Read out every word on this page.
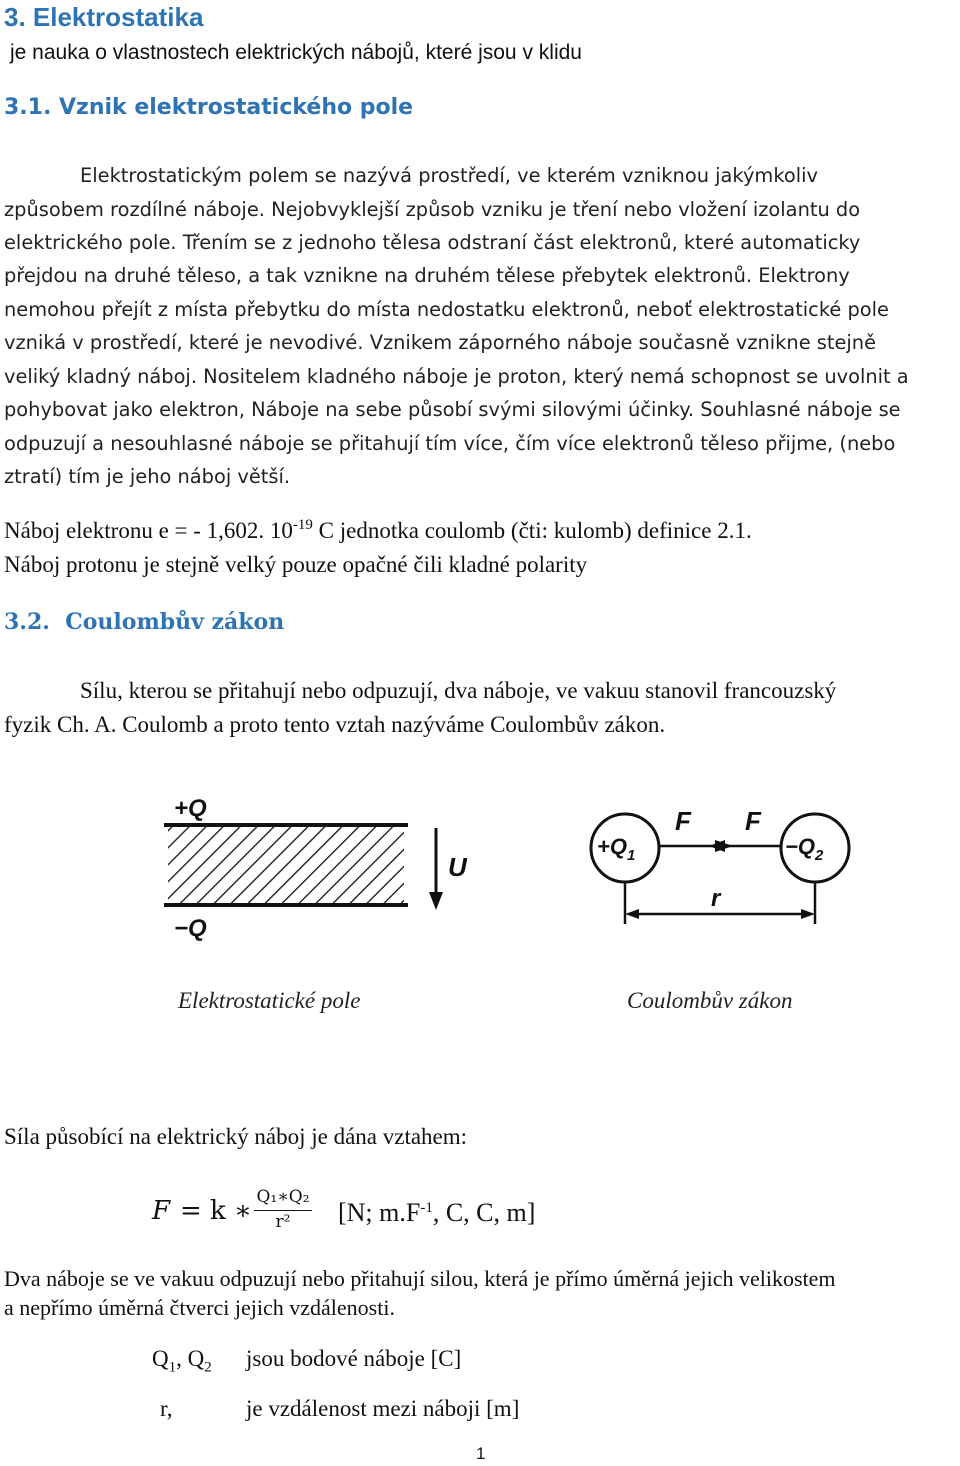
3. Elektrostatika
je nauka o vlastnostech elektrických nábojů, které jsou v klidu
3.1. Vznik elektrostatického pole
Elektrostatickým polem se nazývá prostředí, ve kterém vzniknou jakýmkoliv
způsobem rozdílné náboje. Nejobvyklejší způsob vzniku je tření nebo vložení izolantu do
elektrického pole. Třením se z jednoho tělesa odstraní část elektronů, které automaticky
přejdou na druhé těleso, a tak vznikne na druhém tělese přebytek elektronů. Elektrony
nemohou přejít z místa přebytku do místa nedostatku elektronů, neboť elektrostatické pole
vzniká v prostředí, které je nevodivé. Vznikem záporného náboje současně vznikne stejně
veliký kladný náboj. Nositelem kladného náboje je proton, který nemá schopnost se uvolnit a
pohybovat jako elektron, Náboje na sebe působí svými silovými účinky. Souhlasné náboje se
odpuzují a nesouhlasné náboje se přitahují tím více, čím více elektronů těleso přijme, (nebo
ztratí) tím je jeho náboj větší.
Náboj elektronu e = - 1,602. $10^{-19}$ C jednotka coulomb (čti: kulomb) definice 2.1.
Náboj protonu je stejně velký pouze opačné čili kladné polarity
3.2.  Coulombův zákon
Sílu, kterou se přitahují nebo odpuzují, dva náboje, ve vakuu stanovil francouzský
fyzik Ch. A. Coulomb a proto tento vztah nazýváme Coulombův zákon.
+Q
−Q
U
Elektrostatické pole
$+Q_1$	$-Q_2$
F F
r
Coulombův zákon
Síla působící na elektrický náboj je dána vztahem:
F = k ∗ Q₁∗Q₂
r²	[N; $m.F^{-1}$, C, C, m]
Dva náboje se ve vakuu odpuzují nebo přitahují silou, která je přímo úměrná jejich velikostem
a nepřímo úměrná čtverci jejich vzdálenosti.
$Q_1$, $Q_2$ jsou bodové náboje [C]
r,	je vzdálenost mezi náboji [m]
1
